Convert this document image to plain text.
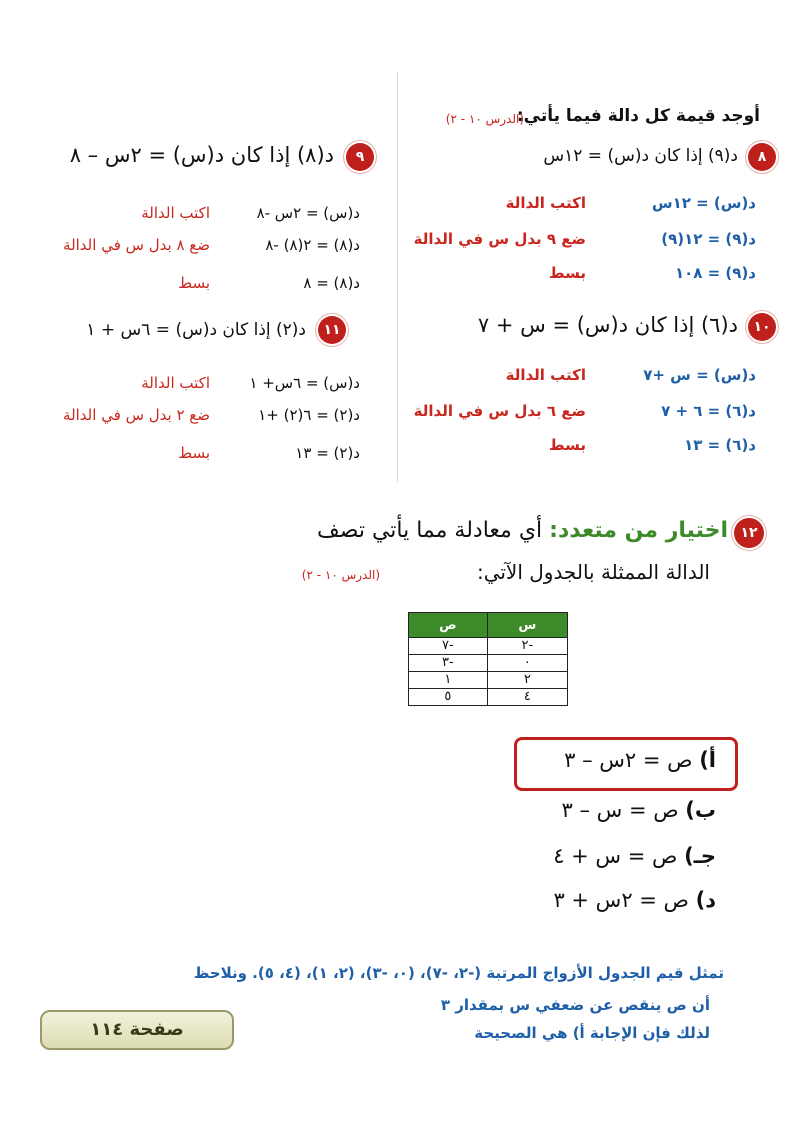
أوجد قيمة كل دالة فيما يأتي:
(الدرس ١٠ - ٢)
٨
د(٩) إذا كان د(س) = ١٢س
د(س) = ١٢س
اكتب الدالة
د(٩) = ١٢(٩)
ضع ٩ بدل س في الدالة
د(٩) = ١٠٨
بسط
٩
د(٨) إذا كان د(س) = ٢س – ٨
د(س) = ٢س -٨
اكتب الدالة
د(٨) = ٢(٨) -٨
ضع ٨ بدل س في الدالة
د(٨) = ٨
بسط
١٠
د(٦) إذا كان د(س) = س + ٧
د(س) = س +٧
اكتب الدالة
د(٦) = ٦ + ٧
ضع ٦ بدل س في الدالة
د(٦) = ١٣
بسط
١١
د(٢) إذا كان د(س) = ٦س + ١
د(س) = ٦س+ ١
اكتب الدالة
د(٢) = ٦(٢) +١
ضع ٢ بدل س في الدالة
د(٢) = ١٣
بسط
١٢
اختيار من متعدد: أي معادلة مما يأتي تصف
الدالة الممثلة بالجدول الآتي:
(الدرس ١٠ - ٢)
ص	س
٧-	٢-
٣-	٠
١	٢
٥	٤
أ) ص = ٢س – ٣
ب) ص = س – ٣
جـ) ص = س + ٤
د) ص = ٢س + ٣
تمثل قيم الجدول الأزواج المرتبة (-٢، -٧)، (٠، -٣)، (٢، ١)، (٤، ٥). ونلاحظ
أن ص ينقص عن ضعفي س بمقدار ٣
لذلك فإن الإجابة أ) هي الصحيحة
صفحة ١١٤
